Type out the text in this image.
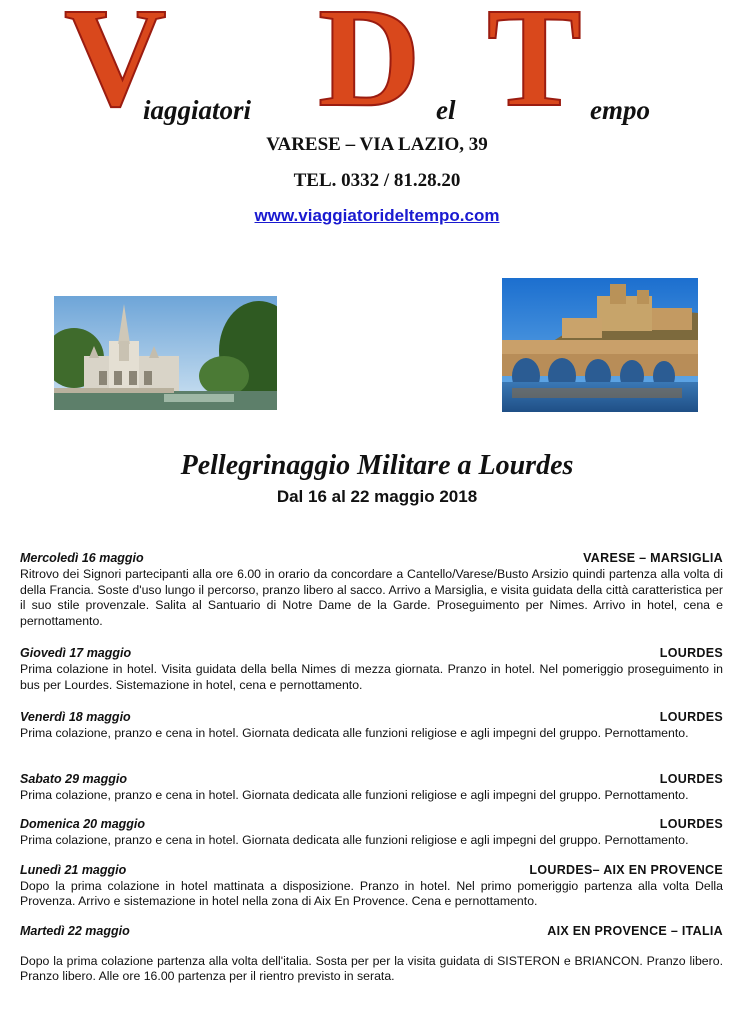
V
iaggiatori D el T empo
VARESE – VIA LAZIO, 39
TEL. 0332 / 81.28.20
www.viaggiatorideltempo.com
Pellegrinaggio Militare a Lourdes
Dal 16 al 22 maggio 2018
Mercoledì 16 maggio	VARESE – MARSIGLIA
Ritrovo dei Signori partecipanti alla ore 6.00 in orario da concordare a Cantello/Varese/Busto Arsizio quindi partenza alla volta di della Francia. Soste d'uso lungo il percorso, pranzo libero al sacco. Arrivo a Marsiglia, e visita guidata della città caratteristica per il suo stile provenzale. Salita al Santuario di Notre Dame de la Garde. Proseguimento per Nimes. Arrivo in hotel, cena e pernottamento.
Giovedì 17 maggio	LOURDES
Prima colazione in hotel. Visita guidata della bella Nimes di mezza giornata. Pranzo in hotel. Nel pomeriggio proseguimento in bus per Lourdes. Sistemazione in hotel, cena e pernottamento.
Venerdì 18 maggio	LOURDES
Prima colazione, pranzo e cena in hotel. Giornata dedicata alle funzioni religiose e agli impegni del gruppo. Pernottamento.
Sabato 29 maggio	LOURDES
Prima colazione, pranzo e cena in hotel. Giornata dedicata alle funzioni religiose e agli impegni del gruppo. Pernottamento.
Domenica 20 maggio	LOURDES
Prima colazione, pranzo e cena in hotel. Giornata dedicata alle funzioni religiose e agli impegni del gruppo. Pernottamento.
Lunedì 21 maggio	LOURDES– AIX EN PROVENCE
Dopo la prima colazione in hotel mattinata a disposizione. Pranzo in hotel. Nel primo pomeriggio partenza alla volta Della Provenza. Arrivo e sistemazione in hotel nella zona di Aix En Provence. Cena e pernottamento.
Martedì 22 maggio	AIX EN PROVENCE – ITALIA
Dopo la prima colazione partenza alla volta dell'italia. Sosta per per la visita guidata di SISTERON e BRIANCON. Pranzo libero. Pranzo libero. Alle ore 16.00 partenza per il rientro previsto in serata.
